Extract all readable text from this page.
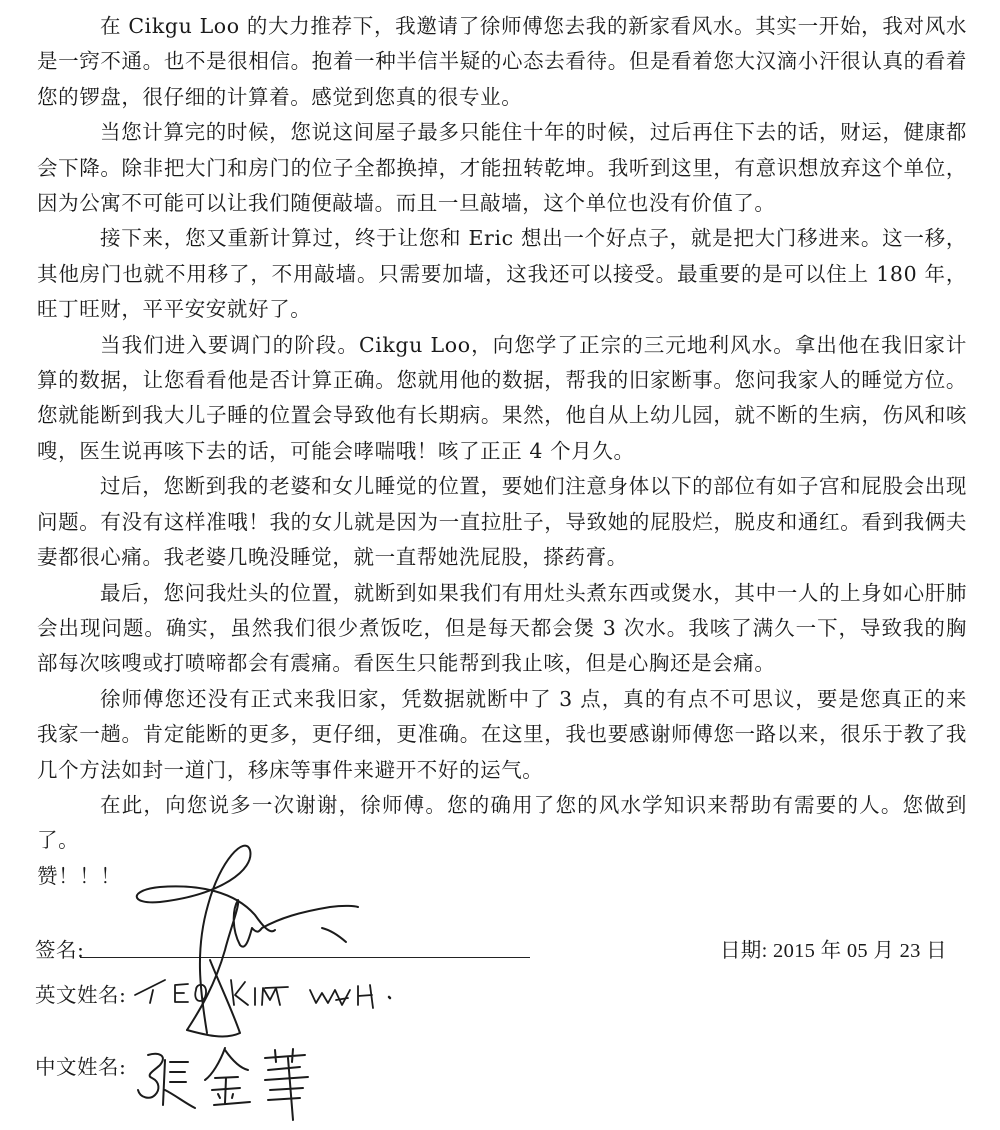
在 Cikgu Loo 的大力推荐下，我邀请了徐师傅您去我的新家看风水。其实一开始，我对风水是一窍不通。也不是很相信。抱着一种半信半疑的心态去看待。但是看着您大汉滴小汗很认真的看着您的锣盘，很仔细的计算着。感觉到您真的很专业。

当您计算完的时候，您说这间屋子最多只能住十年的时候，过后再住下去的话，财运，健康都会下降。除非把大门和房门的位子全都换掉，才能扭转乾坤。我听到这里，有意识想放弃这个单位，因为公寓不可能可以让我们随便敲墙。而且一旦敲墙，这个单位也没有价值了。

接下来，您又重新计算过，终于让您和 Eric 想出一个好点子，就是把大门移进来。这一移，其他房门也就不用移了，不用敲墙。只需要加墙，这我还可以接受。最重要的是可以住上 180 年，旺丁旺财，平平安安就好了。

当我们进入要调门的阶段。Cikgu Loo，向您学了正宗的三元地利风水。拿出他在我旧家计算的数据，让您看看他是否计算正确。您就用他的数据，帮我的旧家断事。您问我家人的睡觉方位。您就能断到我大儿子睡的位置会导致他有长期病。果然，他自从上幼儿园，就不断的生病，伤风和咳嗖，医生说再咳下去的话，可能会哮喘哦！咳了正正 4 个月久。

过后，您断到我的老婆和女儿睡觉的位置，要她们注意身体以下的部位有如子宫和屁股会出现问题。有没有这样准哦！我的女儿就是因为一直拉肚子，导致她的屁股烂，脱皮和通红。看到我俩夫妻都很心痛。我老婆几晚没睡觉，就一直帮她洗屁股，搽药膏。

最后，您问我灶头的位置，就断到如果我们有用灶头煮东西或煲水，其中一人的上身如心肝肺会出现问题。确实，虽然我们很少煮饭吃，但是每天都会煲 3 次水。我咳了满久一下，导致我的胸部每次咳嗖或打喷啼都会有震痛。看医生只能帮到我止咳，但是心胸还是会痛。

徐师傅您还没有正式来我旧家，凭数据就断中了 3 点，真的有点不可思议，要是您真正的来我家一趟。肯定能断的更多，更仔细，更准确。在这里，我也要感谢师傅您一路以来，很乐于教了我几个方法如封一道门，移床等事件来避开不好的运气。

在此，向您说多一次谢谢，徐师傅。您的确用了您的风水学知识来帮助有需要的人。您做到了。

赞！！！

签名:	日期: 2015 年 05 月 23 日
英文姓名:
中文姓名:
